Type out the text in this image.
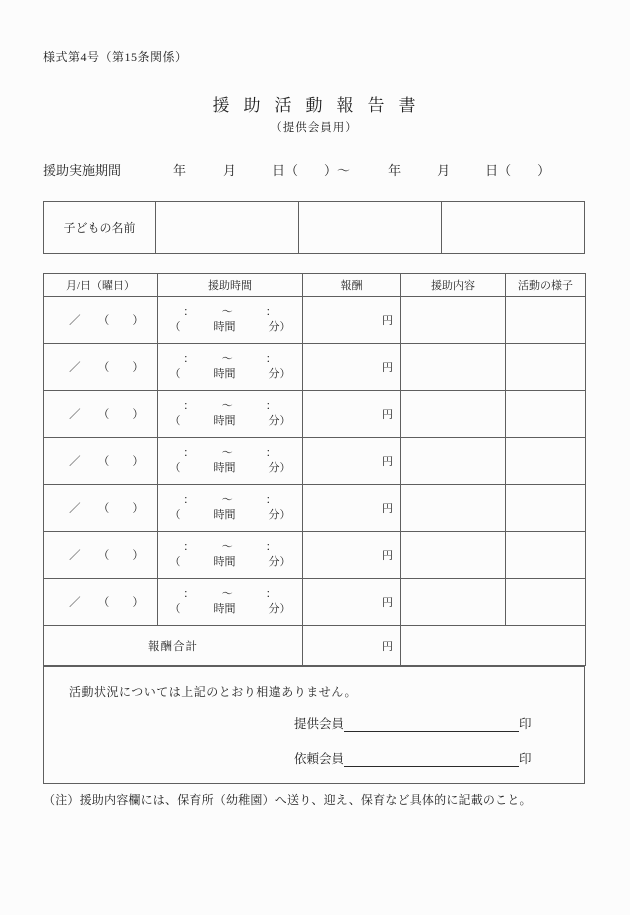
様式第4号（第15条関係）
援助活動報告書
（提供会員用）
援助実施期間	年	月	日（　　）～	年	月	日（　　）
子どもの名前			
月/日（曜日）	援助時間	報酬	援助内容	活動の様子
／　　（　　）	：　　　～　　　：
（　　　時間　　　分）	円		
／　　（　　）	：　　　～　　　：
（　　　時間　　　分）	円		
／　　（　　）	：　　　～　　　：
（　　　時間　　　分）	円		
／　　（　　）	：　　　～　　　：
（　　　時間　　　分）	円		
／　　（　　）	：　　　～　　　：
（　　　時間　　　分）	円		
／　　（　　）	：　　　～　　　：
（　　　時間　　　分）	円		
／　　（　　）	：　　　～　　　：
（　　　時間　　　分）	円		
報酬合計		円		
活動状況については上記のとおり相違ありません。
提供会員	印
依頼会員	印
（注）援助内容欄には、保育所（幼稚園）へ送り、迎え、保育など具体的に記載のこと。
